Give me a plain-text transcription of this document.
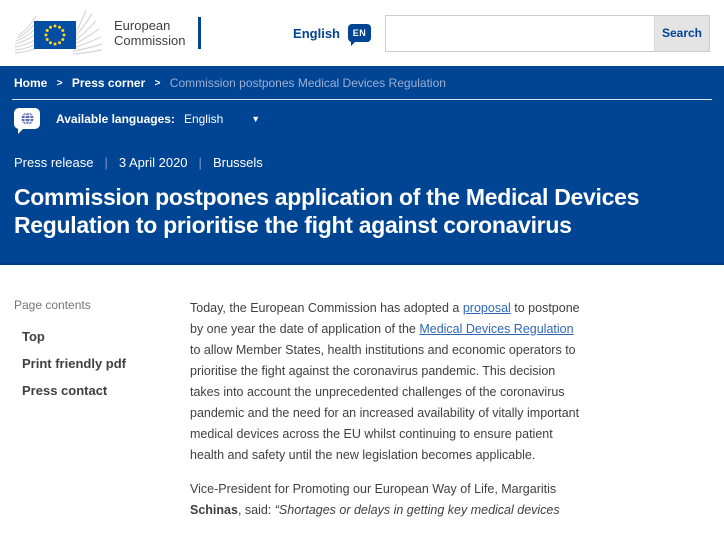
European
Commission	English	EN	Search
Home > Press corner > Commission postpones Medical Devices Regulation
Available languages: English	▼
Press release | 3 April 2020 | Brussels
Commission postpones application of the Medical Devices Regulation to prioritise the fight against coronavirus
Page contents
Top
Print friendly pdf
Press contact

Today, the European Commission has adopted a proposal to postpone by one year the date of application of the Medical Devices Regulation to allow Member States, health institutions and economic operators to prioritise the fight against the coronavirus pandemic. This decision takes into account the unprecedented challenges of the coronavirus pandemic and the need for an increased availability of vitally important medical devices across the EU whilst continuing to ensure patient health and safety until the new legislation becomes applicable.

Vice-President for Promoting our European Way of Life, Margaritis Schinas, said: “Shortages or delays in getting key medical devices
